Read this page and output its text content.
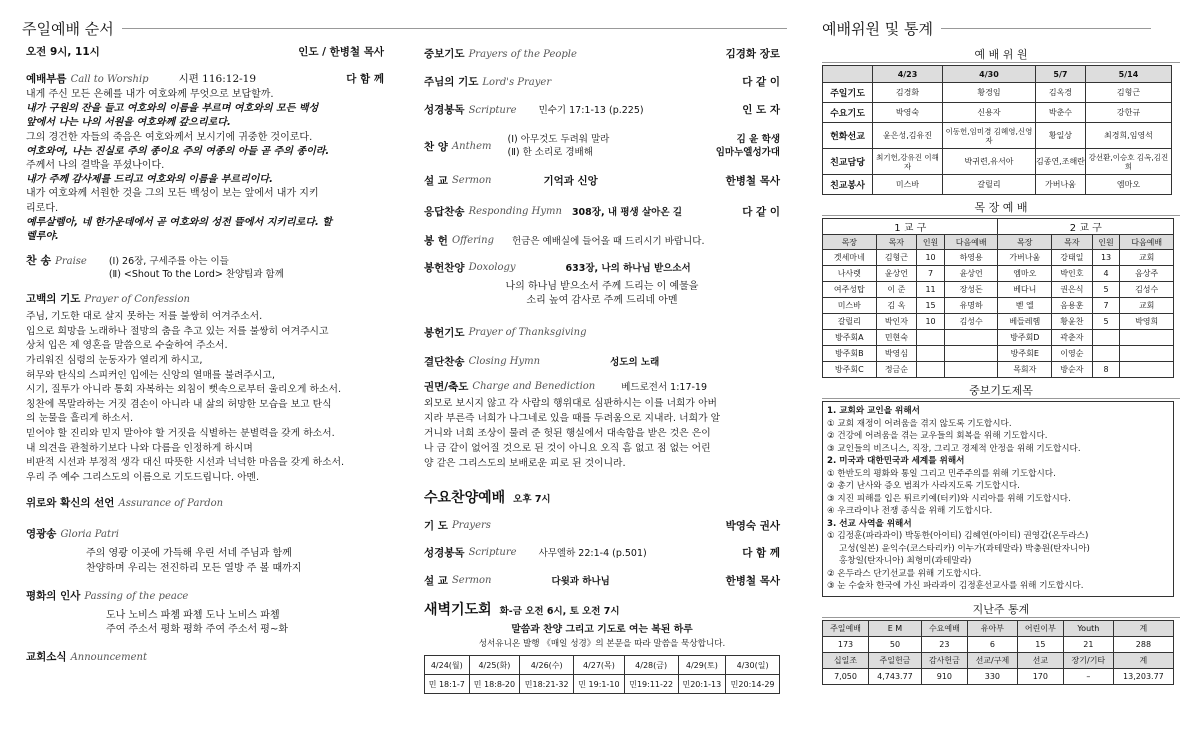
주일예배 순서
오전 9시, 11시	인도 / 한병철 목사
예배부름 Call to Worship	시편 116:12-19	다 함 께
내게 주신 모든 은혜를 내가 여호와께 무엇으로 보답할까.
내가 구원의 잔을 들고 여호와의 이름을 부르며 여호와의 모든 백성
앞에서 나는 나의 서원을 여호와께 갚으리로다.
그의 경건한 자들의 죽음은 여호와께서 보시기에 귀중한 것이로다.
여호와여, 나는 진실로 주의 종이요 주의 여종의 아들 곧 주의 종이라.
주께서 나의 결박을 푸셨나이다.
내가 주께 감사제를 드리고 여호와의 이름을 부르리이다.
내가 여호와께 서원한 것을 그의 모든 백성이 보는 앞에서 내가 지키
리로다.
예루살렘아, 네 한가운데에서 곧 여호와의 성전 뜰에서 지키리로다. 할
렐루야.
찬 송 Praise (Ⅰ) 26장, 구세주를 아는 이들
(Ⅱ) <Shout To the Lord> 찬양팀과 함께
고백의 기도 Prayer of Confession
주님, 기도한 대로 살지 못하는 저를 불쌍히 여겨주소서.
입으로 희망을 노래하나 절망의 춤을 추고 있는 저를 불쌍히 여겨주시고
상처 입은 제 영혼을 말씀으로 수술하여 주소서.
가리워진 심령의 눈동자가 열리게 하시고,
허무와 탄식의 스피커인 입에는 신앙의 열매를 불려주시고,
시기, 질투가 아니라 통회 자복하는 외침이 뻣속으로부터 울리오게 하소서.
칭찬에 목말라하는 거짓 겸손이 아니라 내 삶의 허망한 모습을 보고 탄식
의 눈물을 흘리게 하소서.
믿어야 할 진리와 믿지 말아야 할 거짓을 식별하는 분별력을 갖게 하소서.
내 의견을 관철하기보다 나와 다름을 인정하게 하시며
비판적 시선과 부정적 생각 대신 따뜻한 시선과 넉넉한 마음을 갖게 하소서.
우리 주 예수 그리스도의 이름으로 기도드립니다. 아멘.
위로와 확신의 선언 Assurance of Pardon
영광송 Gloria Patri
주의 영광 이곳에 가득해 우린 서네 주님과 함께
찬양하며 우리는 전진하리 모든 열방 주 볼 때까지
평화의 인사 Passing of the peace
도나 노비스 파쳄 파쳄 도나 노비스 파쳄
주여 주소서 평화 평화 주여 주소서 평~화
교회소식 Announcement
중보기도 Prayers of the People	김경화 장로
주님의 기도 Lord's Prayer	다 같 이
성경봉독 Scripture 민수기 17:1-13 (p.225)	인 도 자
찬 양 Anthem
(Ⅰ) 아무것도 두려워 말라
(Ⅱ) 한 소리로 경배해
김 윤 학생
임마누엘성가대
설 교 Sermon	기억과 신앙	한병철 목사
응답찬송 Responding Hymn 308장, 내 평생 살아온 길	다 같 이
봉 헌 Offering 헌금은 예배실에 들어올 때 드리시기 바랍니다.
봉헌찬양 Doxology	633장, 나의 하나님 받으소서
나의 하나님 받으소서 주께 드리는 이 예물을
소리 높여 감사로 주께 드리네 아멘
봉헌기도 Prayer of Thanksgiving
결단찬송 Closing Hymn	성도의 노래
권면/축도 Charge and Benediction	베드로전서 1:17-19
외모로 보시지 않고 각 사람의 행위대로 심판하시는 이를 너희가 아버
지라 부른즉 너희가 나그네로 있을 때를 두려움으로 지내라. 너희가 알
거니와 너희 조상이 물려 준 헛된 행실에서 대속함을 받은 것은 은이
나 금 같이 없어질 것으로 된 것이 아니요 오직 흠 없고 점 없는 어린
양 같은 그리스도의 보배로운 피로 된 것이니라.
수요찬양예배 오후 7시
기 도 Prayers	박영숙 권사
성경봉독 Scripture 사무엘하 22:1-4 (p.501)	다 함 께
설 교 Sermon	다윗과 하나님	한병철 목사
새벽기도회 화-금 오전 6시, 토 오전 7시
말씀과 찬양 그리고 기도로 여는 복된 하루
성서유니온 발행 《매일 성경》의 본문을 따라 말씀을 묵상합니다.
4/24(월)	4/25(화)	4/26(수)	4/27(목)	4/28(금)	4/29(토)	4/30(일)
민 18:1-7	민 18:8-20	민18:21-32	민 19:1-10	민19:11-22	민20:1-13	민20:14-29
예배위원 및 통계
예 배 위 원
	4/23	4/30	5/7	5/14
주일기도	김경화	황경임	김옥경	김형근
수요기도	박영숙	신용자	박춘수	강한규
헌화선교	윤은성,김유진	이동헌,임미경 김혜영,신영자	황일상	최경희,임영석
친교담당	최기헌,강유진 이해자	박귀련,유서아	김종연,조해란	강선환,이승호 김옥,김진희
친교봉사	미스바	갈릴리	가버나움	엠마오
목 장 예 배
1 교 구				2 교 구			
목장	목자	인원	다음예배	목장	목자	인원	다음예배
겟세마네	김형근	10	하영용	가버나움	강태일	13	교회
나사렛	윤상언	7	윤상언	엠마오	박인호	4	음상주
여주성탑	이 준	11	장성돈	베다니	권은식	5	김성수
미스바	김 옥	15	유명하	벧 엘	음용훈	7	교회
갈릴리	박인자	10	김성수	베들레헴	황윤찬	5	박영희
방주회A	민현숙			방주회D	곽춘자		
방주회B	박영심			방주회E	이영순		
방주회C	정금순			목회자	방순자	8	
중보기도제목
1. 교회와 교인을 위해서
① 교회 재정이 어려움을 겪지 않도록 기도합시다.
② 건강에 어려움을 겪는 교우들의 회복을 위해 기도합시다.
③ 교인들의 비즈니스, 직장, 그리고 경제적 안정을 위해 기도합시다.
2. 미국과 대한민국과 세계를 위해서
① 한반도의 평화와 통일 그리고 민주주의를 위해 기도합시다.
② 총기 난사와 증오 범죄가 사라지도록 기도합시다.
③ 지진 피해를 입은 튀르키예(터키)와 시리아를 위해 기도합시다.
④ 우크라이나 전쟁 종식을 위해 기도합시다.
3. 선교 사역을 위해서
① 김정훈(파라과이) 박동한(아이티) 김혜연(아이티) 권영갑(온두라스)
고성(일본) 윤익수(코스타리카) 이누가(과테말라) 박충원(탄자니아)
홍창일(탄자니아) 최형미(과테말라)
② 온두라스 단기선교를 위해 기도합시다.
③ 눈 수술차 한국에 가신 파라과이 김정훈선교사를 위해 기도합시다.
지난주 통계
주일예배	E M	수요예배	유아부	어린이부	Youth	계
173	50	23	6	15	21	288
십일조	주일헌금	감사헌금	선교/구제	선교	장기/기타	계
7,050	4,743.77	910	330	170	–	13,203.77
